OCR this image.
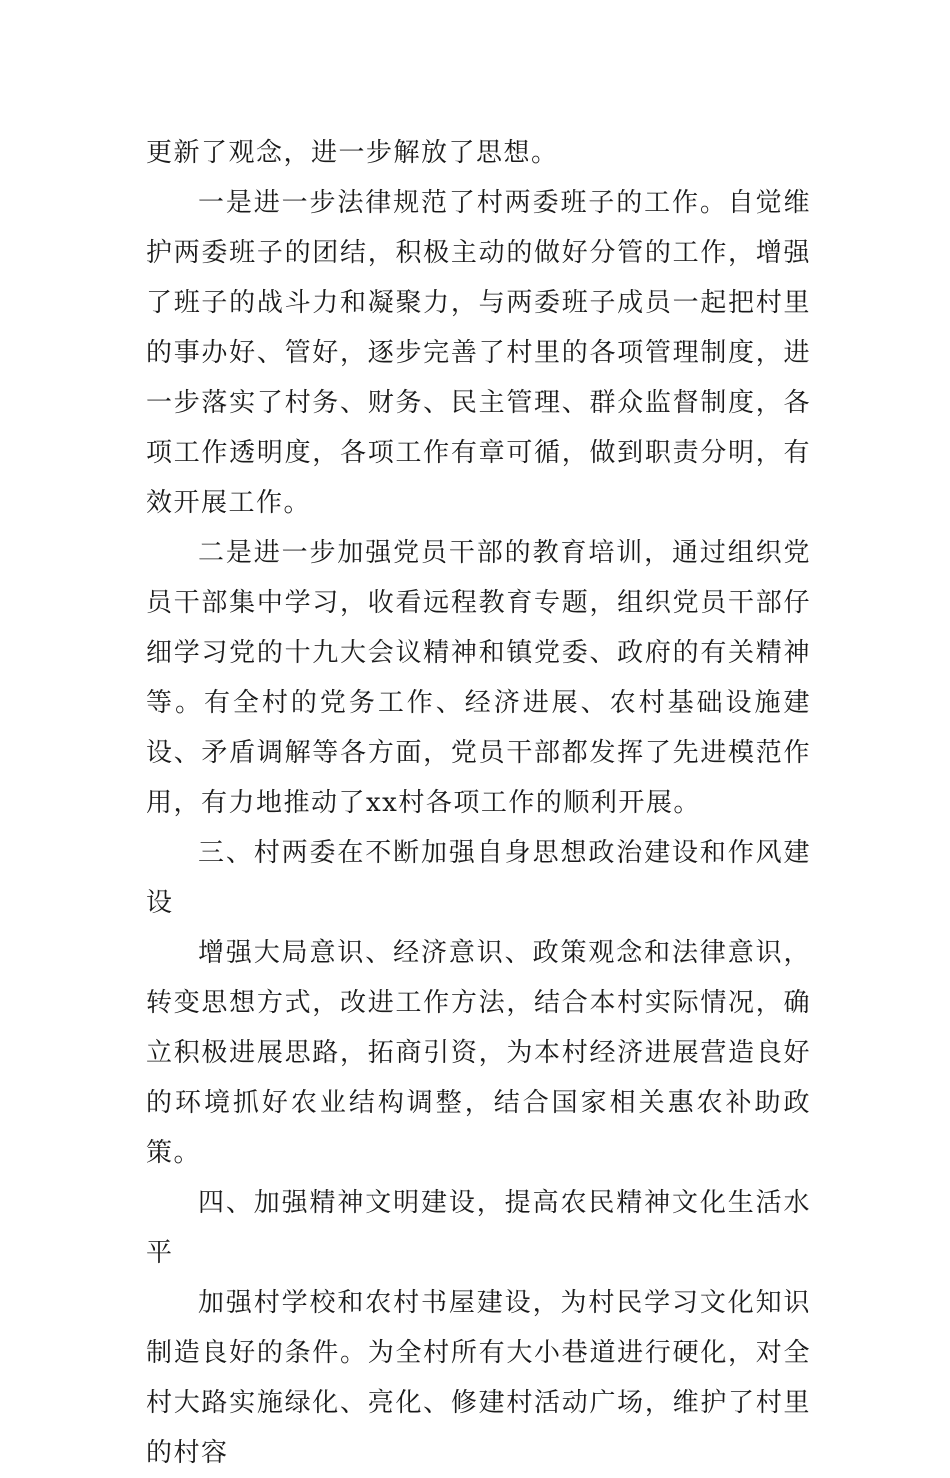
更新了观念，进一步解放了思想。

一是进一步法律规范了村两委班子的工作。自觉维护两委班子的团结，积极主动的做好分管的工作，增强了班子的战斗力和凝聚力，与两委班子成员一起把村里的事办好、管好，逐步完善了村里的各项管理制度，进一步落实了村务、财务、民主管理、群众监督制度，各项工作透明度，各项工作有章可循，做到职责分明，有效开展工作。

二是进一步加强党员干部的教育培训，通过组织党员干部集中学习，收看远程教育专题，组织党员干部仔细学习党的十九大会议精神和镇党委、政府的有关精神等。有全村的党务工作、经济进展、农村基础设施建设、矛盾调解等各方面，党员干部都发挥了先进模范作用，有力地推动了xx村各项工作的顺利开展。

三、村两委在不断加强自身思想政治建设和作风建设

增强大局意识、经济意识、政策观念和法律意识，转变思想方式，改进工作方法，结合本村实际情况，确立积极进展思路，拓商引资，为本村经济进展营造良好的环境抓好农业结构调整，结合国家相关惠农补助政策。

四、加强精神文明建设，提高农民精神文化生活水平

加强村学校和农村书屋建设，为村民学习文化知识制造良好的条件。为全村所有大小巷道进行硬化，对全村大路实施绿化、亮化、修建村活动广场，维护了村里的村容
